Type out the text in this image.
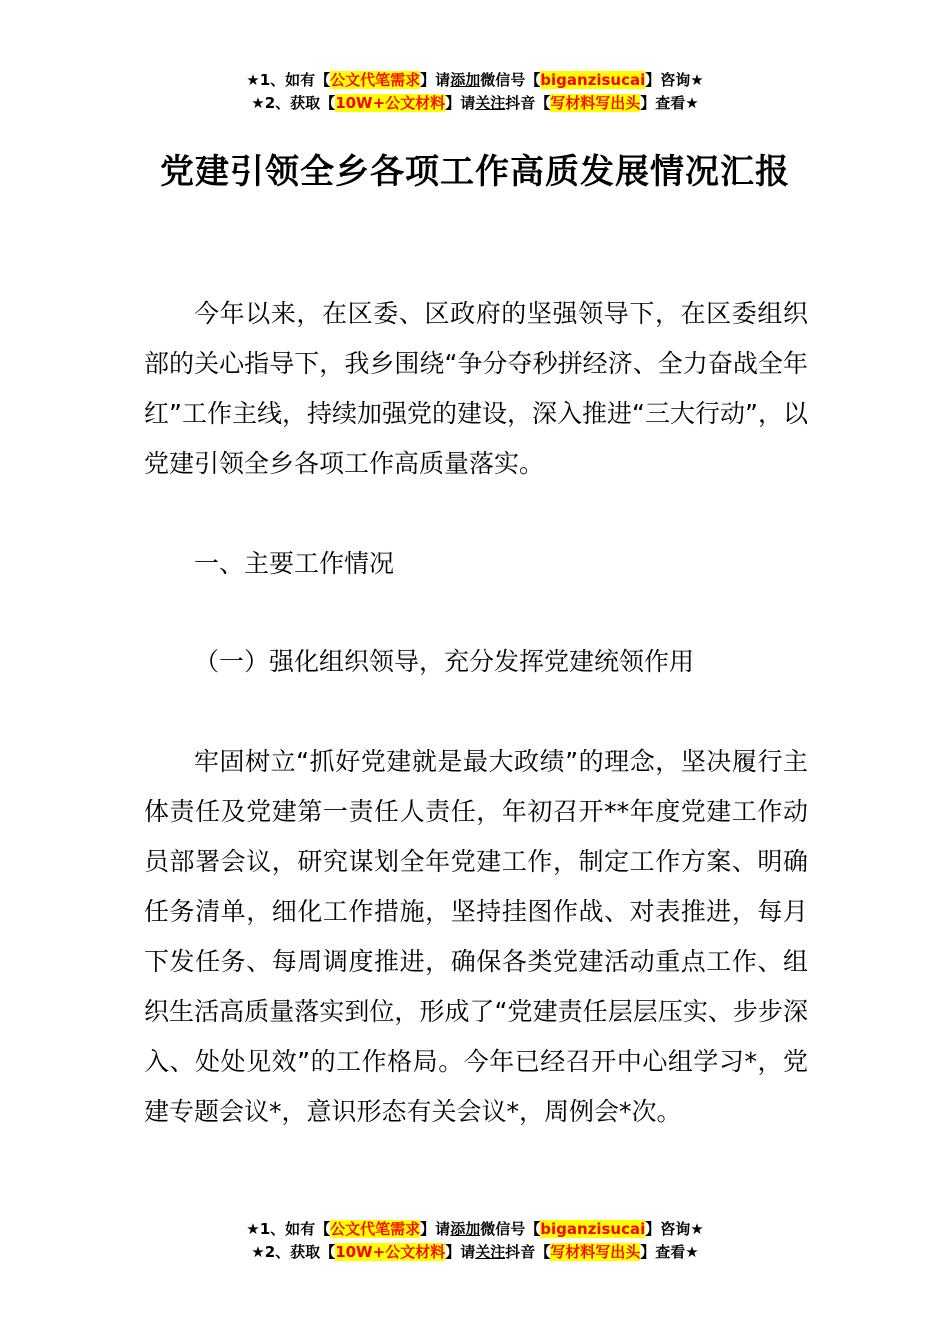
★1、如有【公文代笔需求】请添加微信号【biganzisucai】咨询★
★2、获取【10W+公文材料】请关注抖音【写材料写出头】查看★
党建引领全乡各项工作高质发展情况汇报
今年以来，在区委、区政府的坚强领导下，在区委组织部的关心指导下，我乡围绕“争分夺秒拼经济、全力奋战全年红”工作主线，持续加强党的建设，深入推进“三大行动”，以党建引领全乡各项工作高质量落实。
一、主要工作情况
（一）强化组织领导，充分发挥党建统领作用
牢固树立“抓好党建就是最大政绩”的理念，坚决履行主体责任及党建第一责任人责任，年初召开**年度党建工作动员部署会议，研究谋划全年党建工作，制定工作方案、明确任务清单，细化工作措施，坚持挂图作战、对表推进，每月下发任务、每周调度推进，确保各类党建活动重点工作、组织生活高质量落实到位，形成了“党建责任层层压实、步步深入、处处见效”的工作格局。今年已经召开中心组学习*，党建专题会议*，意识形态有关会议*，周例会*次。
★1、如有【公文代笔需求】请添加微信号【biganzisucai】咨询★
★2、获取【10W+公文材料】请关注抖音【写材料写出头】查看★
